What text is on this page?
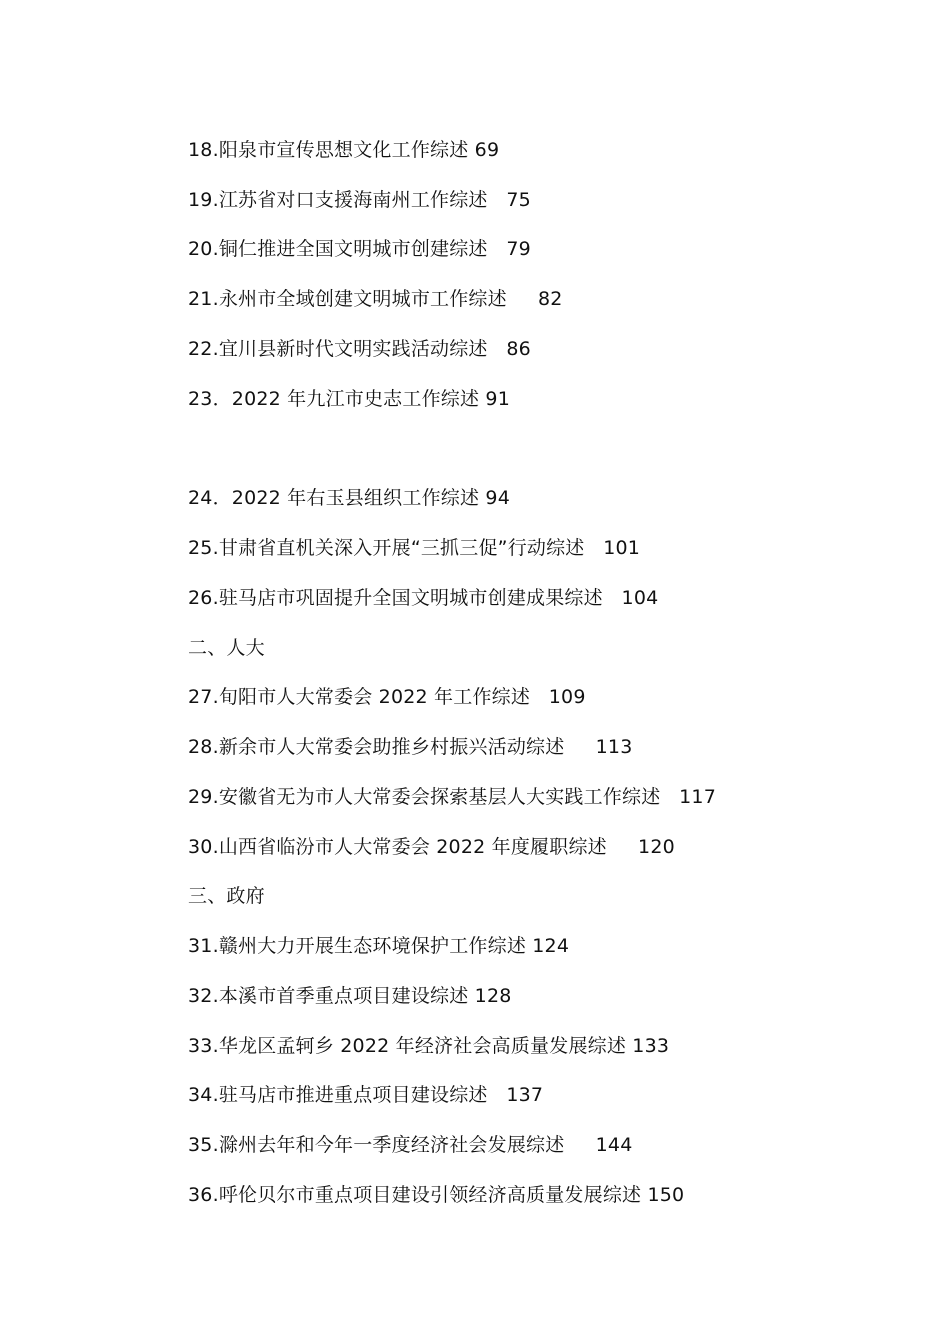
18.阳泉市宣传思想文化工作综述 69
19.江苏省对口支援海南州工作综述   75
20.铜仁推进全国文明城市创建综述   79
21.永州市全域创建文明城市工作综述     82
22.宜川县新时代文明实践活动综述   86
23．2022 年九江市史志工作综述 91
24．2022 年右玉县组织工作综述 94
25.甘肃省直机关深入开展“三抓三促”行动综述   101
26.驻马店市巩固提升全国文明城市创建成果综述   104
二、人大
27.旬阳市人大常委会 2022 年工作综述   109
28.新余市人大常委会助推乡村振兴活动综述     113
29.安徽省无为市人大常委会探索基层人大实践工作综述   117
30.山西省临汾市人大常委会 2022 年度履职综述     120
三、政府
31.赣州大力开展生态环境保护工作综述 124
32.本溪市首季重点项目建设综述 128
33.华龙区孟轲乡 2022 年经济社会高质量发展综述 133
34.驻马店市推进重点项目建设综述   137
35.滁州去年和今年一季度经济社会发展综述     144
36.呼伦贝尔市重点项目建设引领经济高质量发展综述 150
